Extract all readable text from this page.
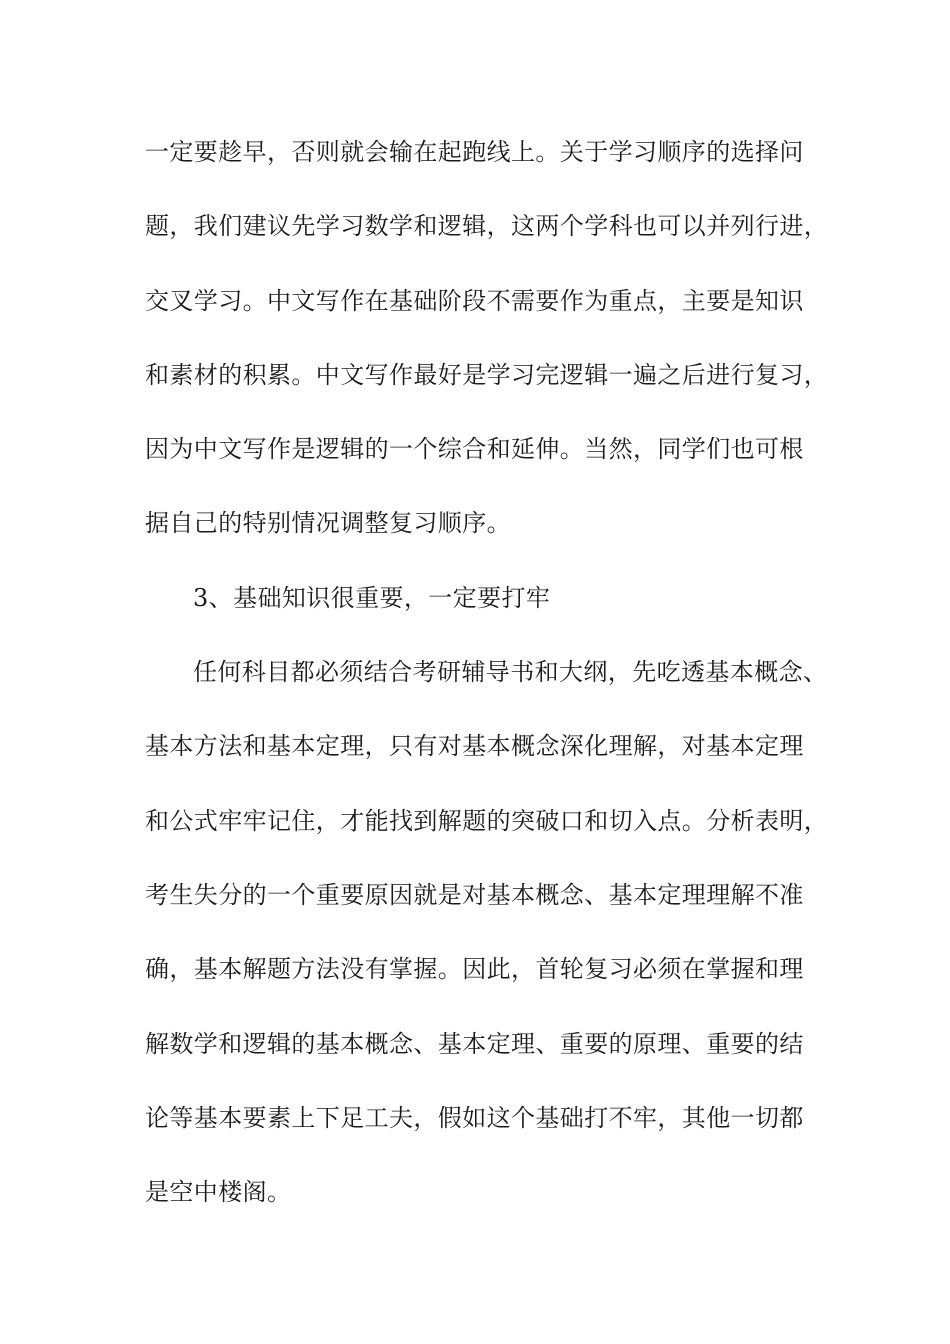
一定要趁早，否则就会输在起跑线上。关于学习顺序的选择问
题，我们建议先学习数学和逻辑，这两个学科也可以并列行进，
交叉学习。中文写作在基础阶段不需要作为重点，主要是知识
和素材的积累。中文写作最好是学习完逻辑一遍之后进行复习，
因为中文写作是逻辑的一个综合和延伸。当然，同学们也可根
据自己的特别情况调整复习顺序。
3、基础知识很重要，一定要打牢
任何科目都必须结合考研辅导书和大纲，先吃透基本概念、
基本方法和基本定理，只有对基本概念深化理解，对基本定理
和公式牢牢记住，才能找到解题的突破口和切入点。分析表明，
考生失分的一个重要原因就是对基本概念、基本定理理解不准
确，基本解题方法没有掌握。因此，首轮复习必须在掌握和理
解数学和逻辑的基本概念、基本定理、重要的原理、重要的结
论等基本要素上下足工夫，假如这个基础打不牢，其他一切都
是空中楼阁。
